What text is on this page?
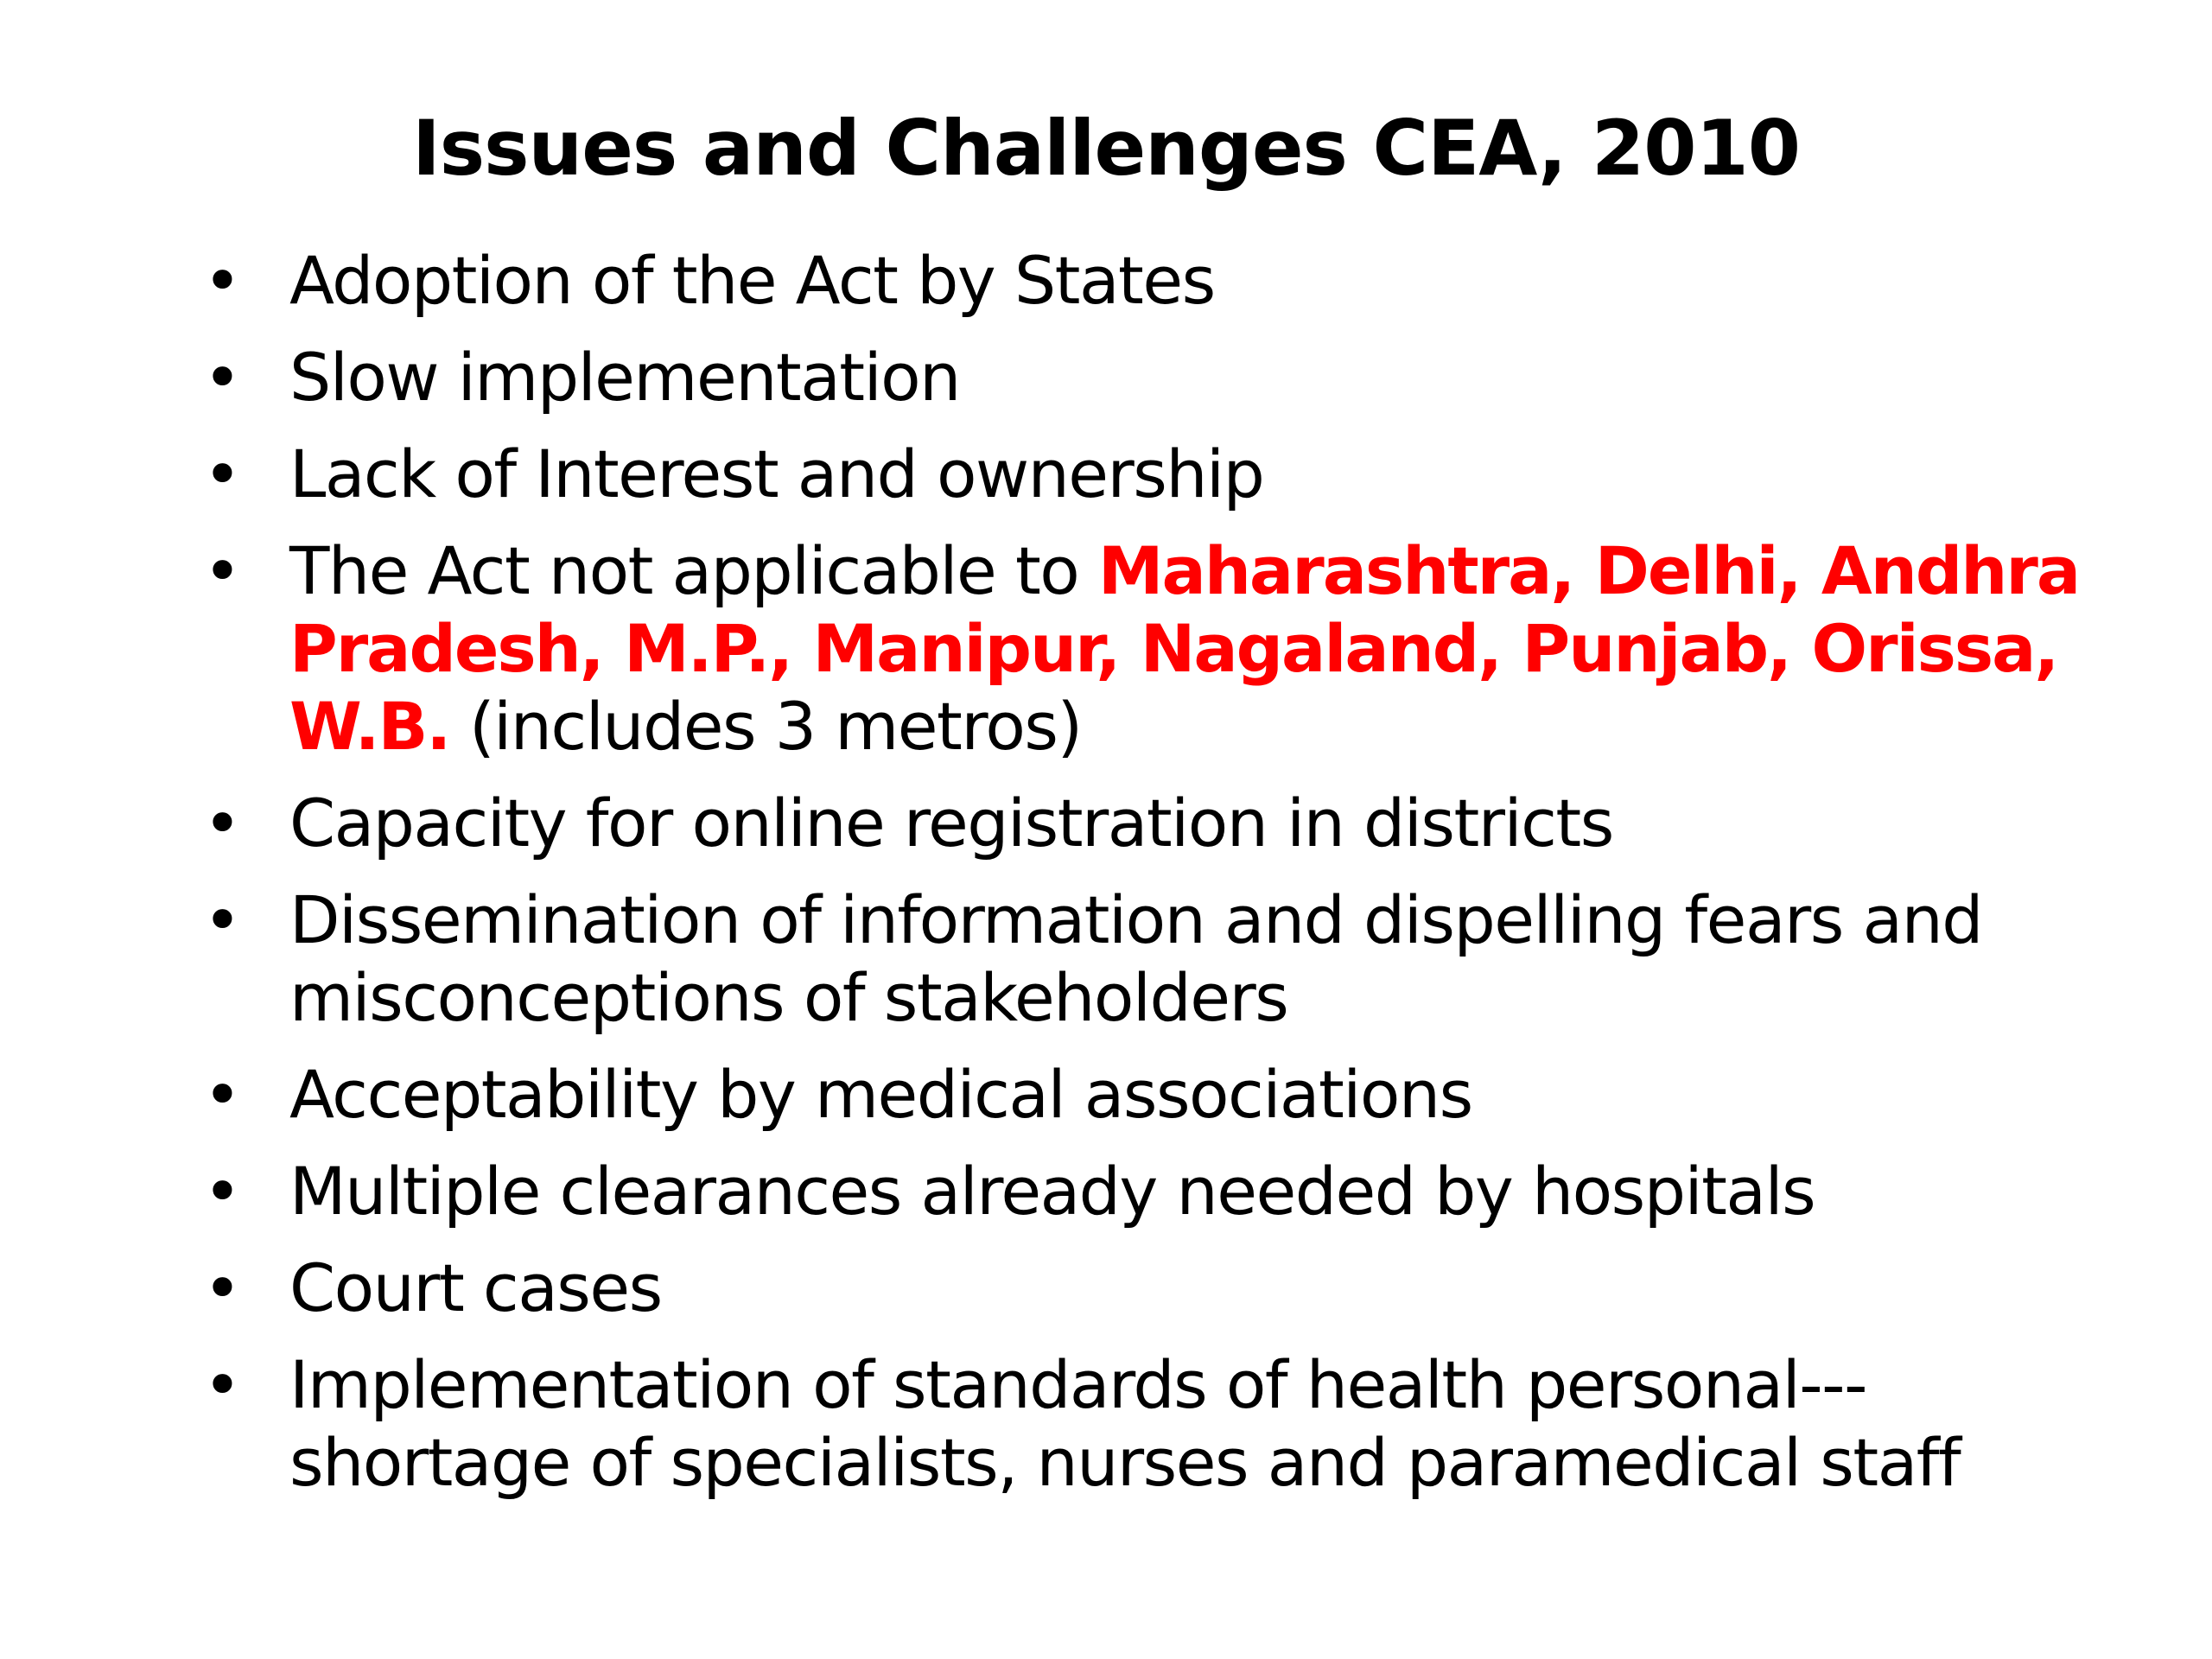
Issues and Challenges CEA, 2010
• Adoption of the Act by States
• Slow implementation
• Lack of Interest and ownership
• The Act not applicable to Maharashtra, Delhi, Andhra
Pradesh, M.P., Manipur, Nagaland, Punjab, Orissa,
W.B. (includes 3 metros)
• Capacity for online registration in districts
• Dissemination of information and dispelling fears and
misconceptions of stakeholders
• Acceptability by medical associations
• Multiple clearances already needed by hospitals
• Court cases
• Implementation of standards of health personal---
shortage of specialists, nurses and paramedical staff
